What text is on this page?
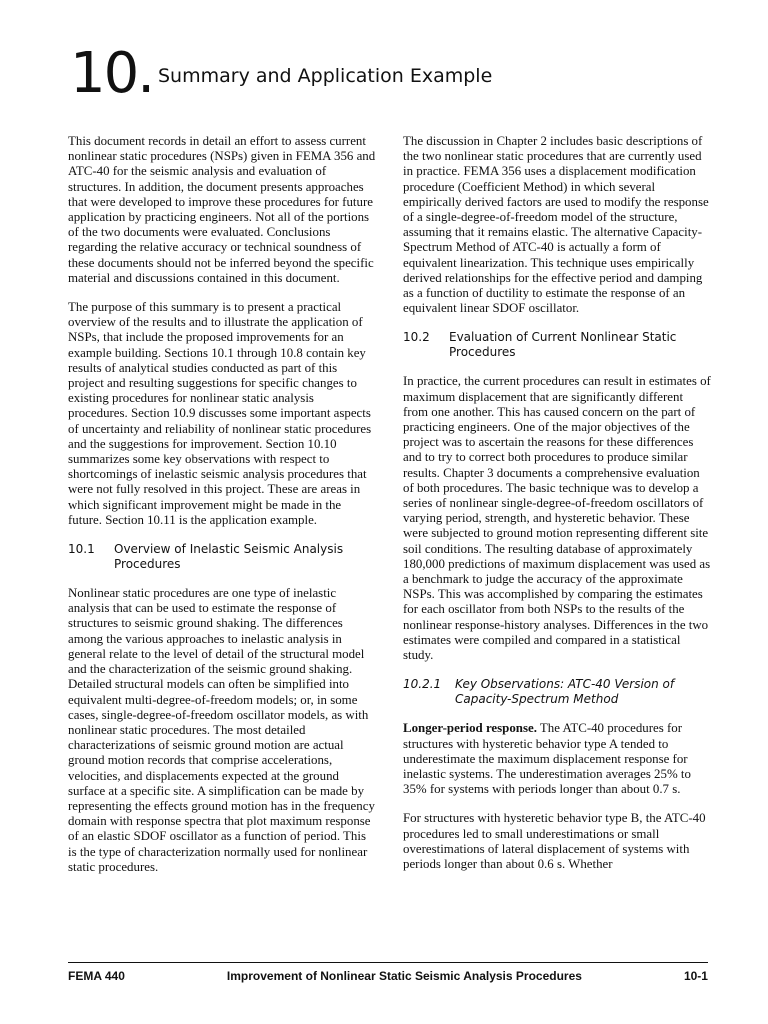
10. Summary and Application Example

This document records in detail an effort to assess current nonlinear static procedures (NSPs) given in FEMA 356 and ATC-40 for the seismic analysis and evaluation of structures. In addition, the document presents approaches that were developed to improve these procedures for future application by practicing engineers. Not all of the portions of the two documents were evaluated. Conclusions regarding the relative accuracy or technical soundness of these documents should not be inferred beyond the specific material and discussions contained in this document.

The purpose of this summary is to present a practical overview of the results and to illustrate the application of NSPs, that include the proposed improvements for an example building. Sections 10.1 through 10.8 contain key results of analytical studies conducted as part of this project and resulting suggestions for specific changes to existing procedures for nonlinear static analysis procedures. Section 10.9 discusses some important aspects of uncertainty and reliability of nonlinear static procedures and the suggestions for improvement. Section 10.10 summarizes some key observations with respect to shortcomings of inelastic seismic analysis procedures that were not fully resolved in this project. These are areas in which significant improvement might be made in the future. Section 10.11 is the application example.

10.1	Overview of Inelastic Seismic Analysis Procedures

Nonlinear static procedures are one type of inelastic analysis that can be used to estimate the response of structures to seismic ground shaking. The differences among the various approaches to inelastic analysis in general relate to the level of detail of the structural model and the characterization of the seismic ground shaking. Detailed structural models can often be simplified into equivalent multi-degree-of-freedom models; or, in some cases, single-degree-of-freedom oscillator models, as with nonlinear static procedures. The most detailed characterizations of seismic ground motion are actual ground motion records that comprise accelerations, velocities, and displacements expected at the ground surface at a specific site. A simplification can be made by representing the effects ground motion has in the frequency domain with response spectra that plot maximum response of an elastic SDOF oscillator as a function of period. This is the type of characterization normally used for nonlinear static procedures.

The discussion in Chapter 2 includes basic descriptions of the two nonlinear static procedures that are currently used in practice. FEMA 356 uses a displacement modification procedure (Coefficient Method) in which several empirically derived factors are used to modify the response of a single-degree-of-freedom model of the structure, assuming that it remains elastic. The alternative Capacity-Spectrum Method of ATC-40 is actually a form of equivalent linearization. This technique uses empirically derived relationships for the effective period and damping as a function of ductility to estimate the response of an equivalent linear SDOF oscillator.

10.2	Evaluation of Current Nonlinear Static Procedures

In practice, the current procedures can result in estimates of maximum displacement that are significantly different from one another. This has caused concern on the part of practicing engineers. One of the major objectives of the project was to ascertain the reasons for these differences and to try to correct both procedures to produce similar results. Chapter 3 documents a comprehensive evaluation of both procedures. The basic technique was to develop a series of nonlinear single-degree-of-freedom oscillators of varying period, strength, and hysteretic behavior. These were subjected to ground motion representing different site soil conditions. The resulting database of approximately 180,000 predictions of maximum displacement was used as a benchmark to judge the accuracy of the approximate NSPs. This was accomplished by comparing the estimates for each oscillator from both NSPs to the results of the nonlinear response-history analyses. Differences in the two estimates were compiled and compared in a statistical study.

10.2.1	Key Observations: ATC-40 Version of Capacity-Spectrum Method

Longer-period response. The ATC-40 procedures for structures with hysteretic behavior type A tended to underestimate the maximum displacement response for inelastic systems. The underestimation averages 25% to 35% for systems with periods longer than about 0.7 s.

For structures with hysteretic behavior type B, the ATC-40 procedures led to small underestimations or small overestimations of lateral displacement of systems with periods longer than about 0.6 s. Whether

FEMA 440	Improvement of Nonlinear Static Seismic Analysis Procedures	10-1
